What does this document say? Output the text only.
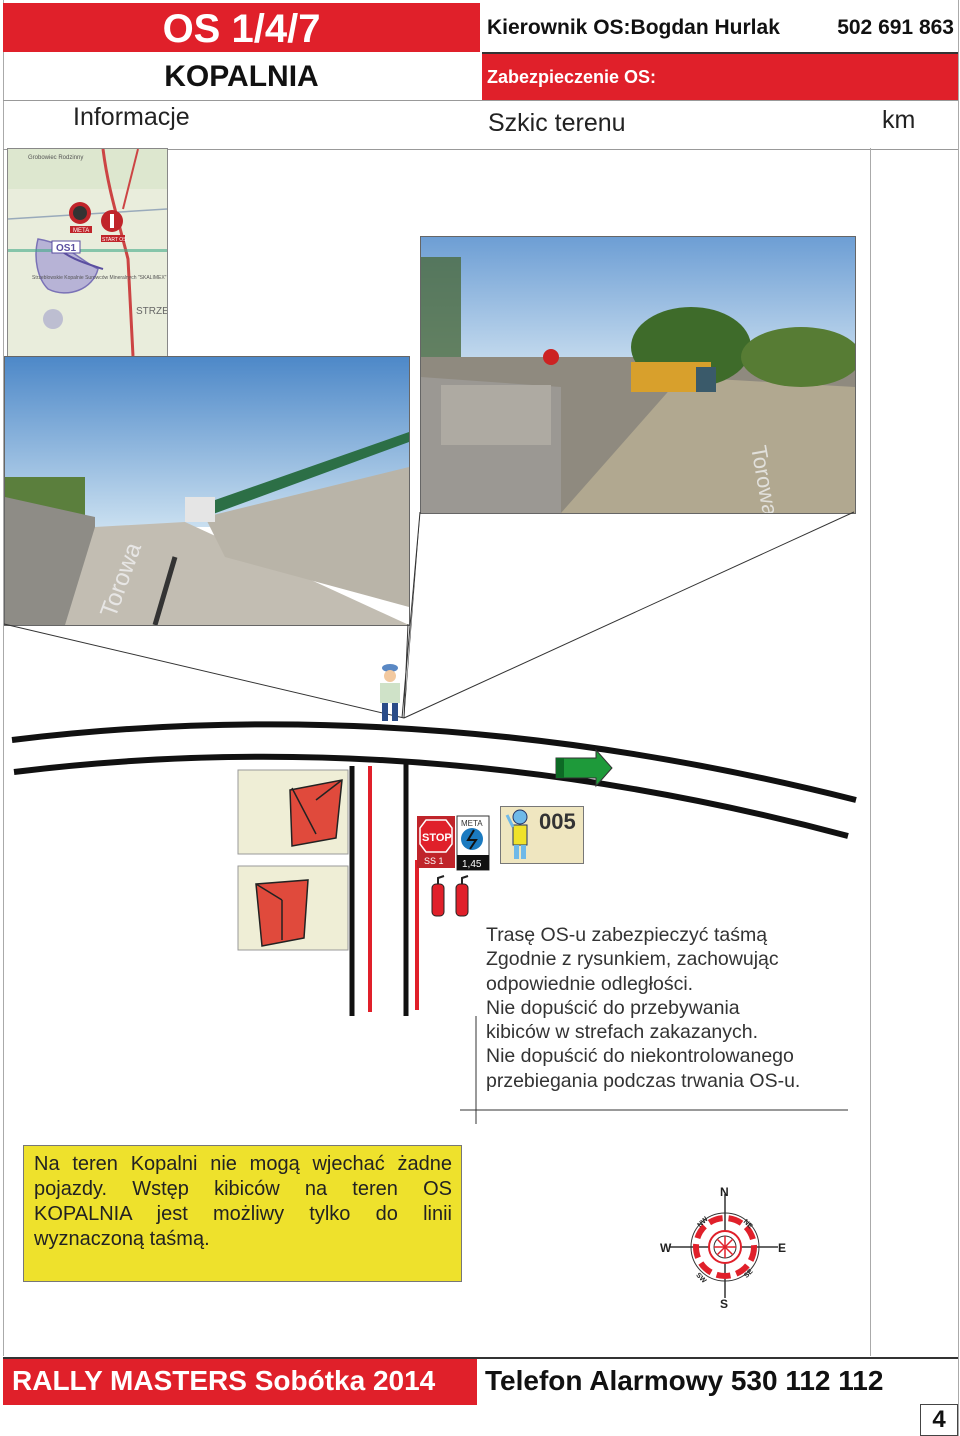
OS 1/4/7
KOPALNIA
Kierownik OS:Bogdan Hurlak	502 691 863
Zabezpieczenie OS:
Informacje	Szkic terenu	km
META
START OS
OS1
Grobowiec Rodzinny
Strzeblowskie Kopalnie Surowców Mineralnych "SKALIMEX"
STRZE
Torowa
Torowa
STOP
SS 1
META
1,45
005
Trasę OS-u zabezpieczyć taśmą
Zgodnie z rysunkiem, zachowując
odpowiednie odległości.
Nie dopuścić do przebywania
kibiców w strefach zakazanych.
Nie dopuścić do niekontrolowanego
przebiegania podczas trwania OS-u.
Na teren Kopalni nie mogą wjechać żadne
pojazdy. Wstęp kibiców na teren OS
KOPALNIA jest możliwy tylko do linii
wyznaczoną taśmą.
N
S
E
W
NE
NW
SE
SW
RALLY MASTERS Sobótka 2014 Telefon Alarmowy 530 112 112
4
